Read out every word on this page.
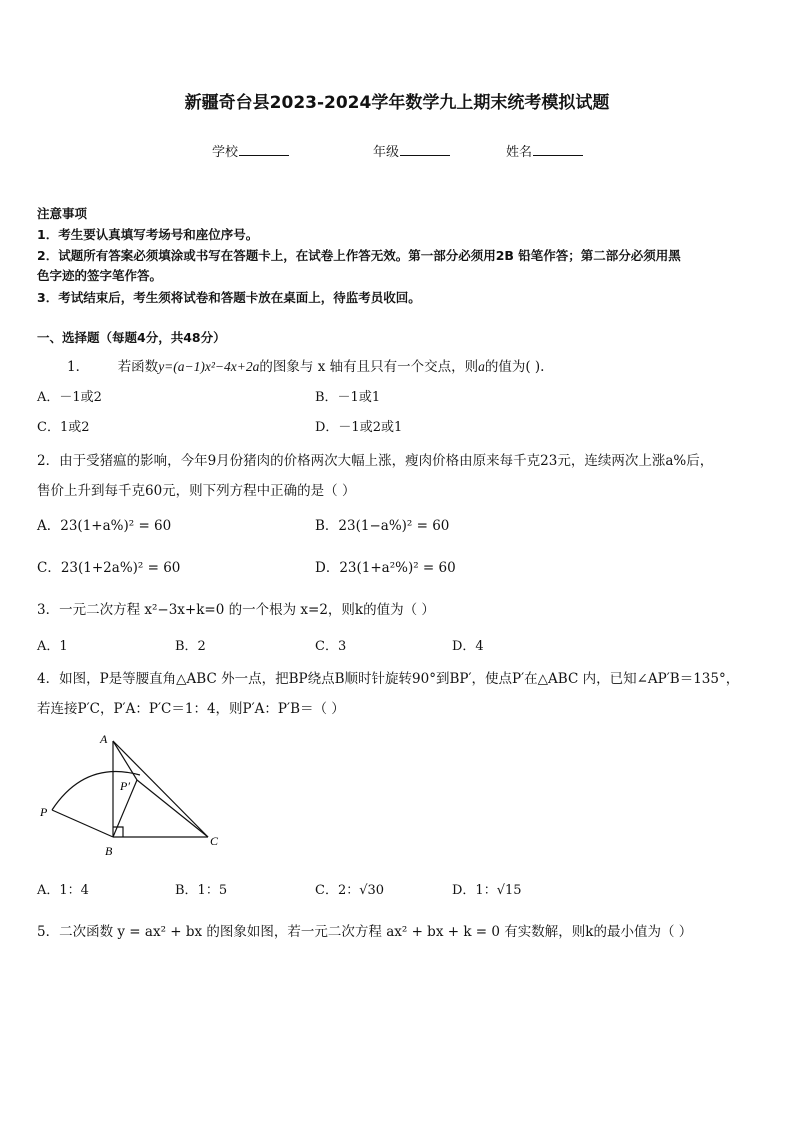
新疆奇台县2023-2024学年数学九上期末统考模拟试题
学校	年级	姓名
注意事项
1．考生要认真填写考场号和座位序号。
2．试题所有答案必须填涂或书写在答题卡上，在试卷上作答无效。第一部分必须用2B 铅笔作答；第二部分必须用黑
色字迹的签字笔作答。
3．考试结束后，考生须将试卷和答题卡放在桌面上，待监考员收回。
一、选择题（每题4分，共48分）
1． 若函数y=(a−1)x²−4x+2a的图象与 x 轴有且只有一个交点，则a的值为( ).
A．－1或2	B．－1或1
C．1或2	D．－1或2或1
2．由于受猪瘟的影响，今年9月份猪肉的价格两次大幅上涨，瘦肉价格由原来每千克23元，连续两次上涨a%后，
售价上升到每千克60元，则下列方程中正确的是（ ）
A．23(1+a%)² = 60	B．23(1−a%)² = 60
C．23(1+2a%)² = 60	D．23(1+a²%)² = 60
3．一元二次方程 x²−3x+k=0 的一个根为 x=2，则k的值为（ ）
A．1	B．2	C．3	D．4
4．如图，P是等腰直角△ABC 外一点，把BP绕点B顺时针旋转90°到BP′，使点P′在△ABC 内，已知∠AP′B＝135°，
若连接P′C，P′A：P′C＝1：4，则P′A：P′B＝（ ）
A
P′
P
B
C
A．1：4	B．1：5	C．2：√30	D．1：√15
5．二次函数 y = ax² + bx 的图象如图，若一元二次方程 ax² + bx + k = 0 有实数解，则k的最小值为（ ）
